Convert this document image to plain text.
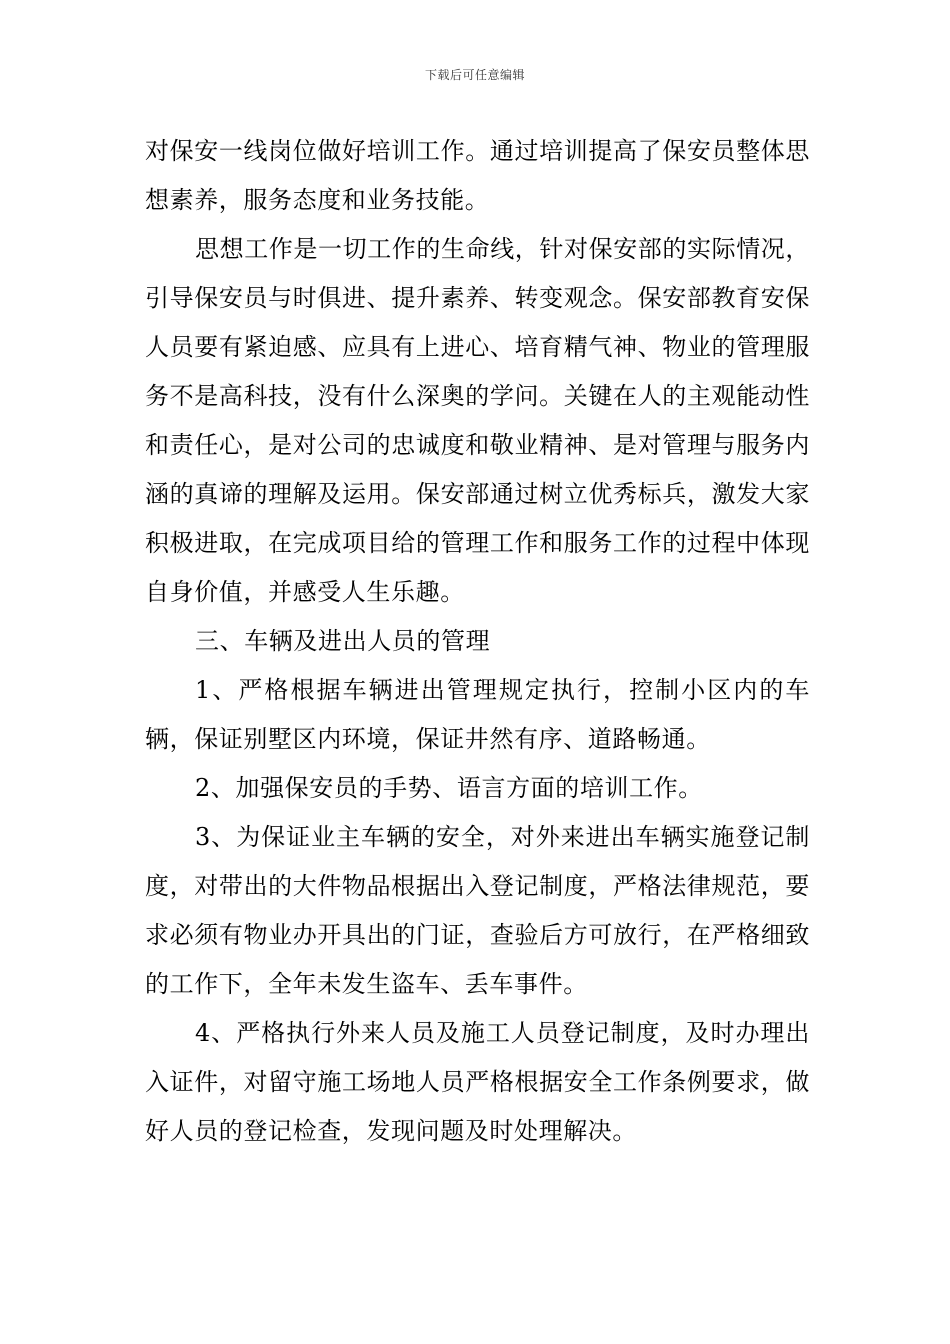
下载后可任意编辑

对保安一线岗位做好培训工作。通过培训提高了保安员整体思想素养，服务态度和业务技能。

思想工作是一切工作的生命线，针对保安部的实际情况，引导保安员与时俱进、提升素养、转变观念。保安部教育安保人员要有紧迫感、应具有上进心、培育精气神、物业的管理服务不是高科技，没有什么深奥的学问。关键在人的主观能动性和责任心，是对公司的忠诚度和敬业精神、是对管理与服务内涵的真谛的理解及运用。保安部通过树立优秀标兵，激发大家积极进取，在完成项目给的管理工作和服务工作的过程中体现自身价值，并感受人生乐趣。

三、车辆及进出人员的管理

1、严格根据车辆进出管理规定执行，控制小区内的车辆，保证别墅区内环境，保证井然有序、道路畅通。

2、加强保安员的手势、语言方面的培训工作。

3、为保证业主车辆的安全，对外来进出车辆实施登记制度，对带出的大件物品根据出入登记制度，严格法律规范，要求必须有物业办开具出的门证，查验后方可放行，在严格细致的工作下，全年未发生盗车、丢车事件。

4、严格执行外来人员及施工人员登记制度，及时办理出入证件，对留守施工场地人员严格根据安全工作条例要求，做好人员的登记检查，发现问题及时处理解决。
